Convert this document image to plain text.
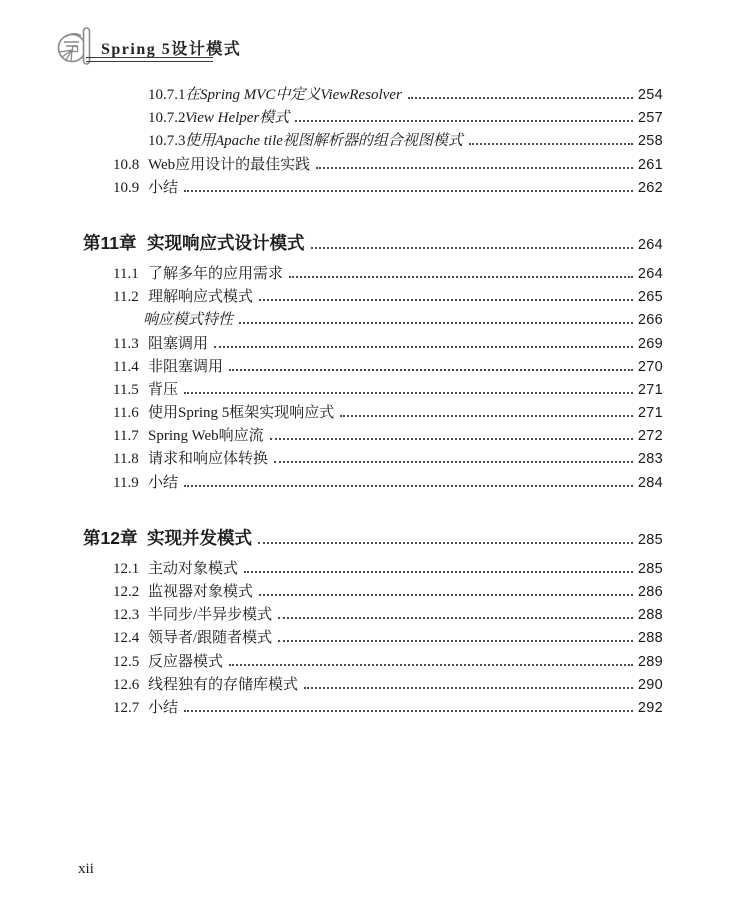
Spring 5设计模式
10.7.1 在Spring MVC中定义ViewResolver	254
10.7.2 View Helper模式	257
10.7.3 使用Apache tile视图解析器的组合视图模式	258
10.8 Web应用设计的最佳实践	261
10.9 小结	262
第11章 实现响应式设计模式	264
11.1 了解多年的应用需求	264
11.2 理解响应式模式	265
响应模式特性	266
11.3 阻塞调用	269
11.4 非阻塞调用	270
11.5 背压	271
11.6 使用Spring 5框架实现响应式	271
11.7 Spring Web响应流	272
11.8 请求和响应体转换	283
11.9 小结	284
第12章 实现并发模式	285
12.1 主动对象模式	285
12.2 监视器对象模式	286
12.3 半同步/半异步模式	288
12.4 领导者/跟随者模式	288
12.5 反应器模式	289
12.6 线程独有的存储库模式	290
12.7 小结	292
xii
